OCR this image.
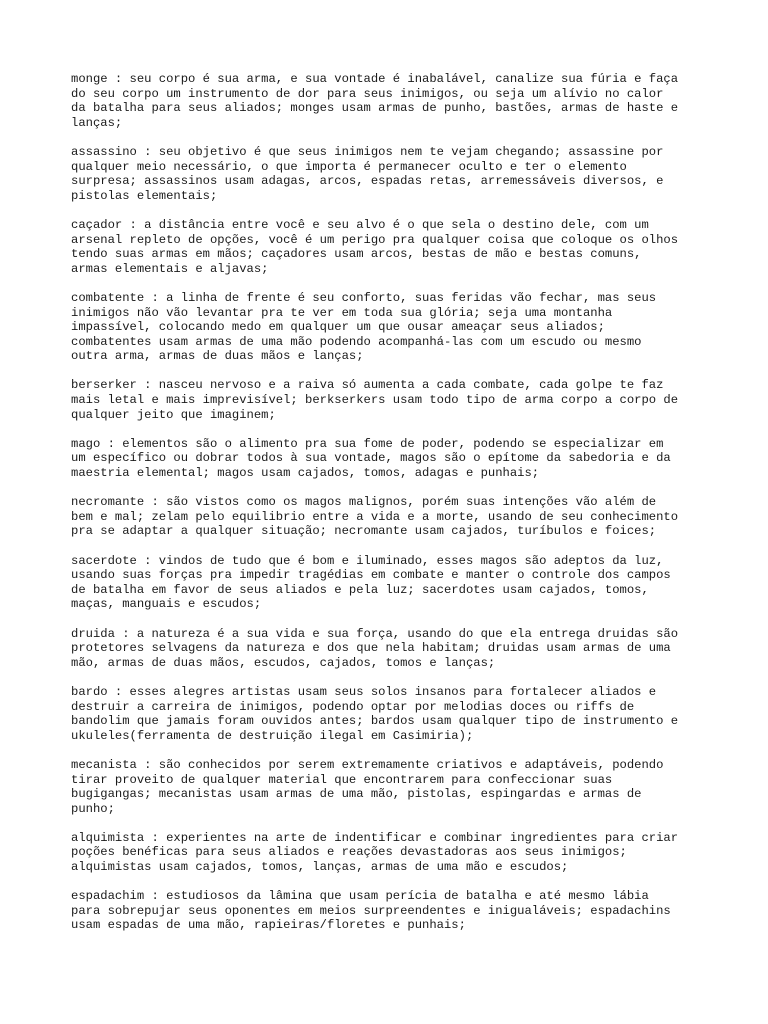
monge : seu corpo é sua arma, e sua vontade é inabalável, canalize sua fúria e faça
do seu corpo um instrumento de dor para seus inimigos, ou seja um alívio no calor
da batalha para seus aliados; monges usam armas de punho, bastões, armas de haste e
lanças;

assassino : seu objetivo é que seus inimigos nem te vejam chegando; assassine por
qualquer meio necessário, o que importa é permanecer oculto e ter o elemento
surpresa; assassinos usam adagas, arcos, espadas retas, arremessáveis diversos, e
pistolas elementais;

caçador : a distância entre você e seu alvo é o que sela o destino dele, com um
arsenal repleto de opções, você é um perigo pra qualquer coisa que coloque os olhos
tendo suas armas em mãos; caçadores usam arcos, bestas de mão e bestas comuns,
armas elementais e aljavas;

combatente : a linha de frente é seu conforto, suas feridas vão fechar, mas seus
inimigos não vão levantar pra te ver em toda sua glória; seja uma montanha
impassível, colocando medo em qualquer um que ousar ameaçar seus aliados;
combatentes usam armas de uma mão podendo acompanhá-las com um escudo ou mesmo
outra arma, armas de duas mãos e lanças;

berserker : nasceu nervoso e a raiva só aumenta a cada combate, cada golpe te faz
mais letal e mais imprevisível; berkserkers usam todo tipo de arma corpo a corpo de
qualquer jeito que imaginem;

mago : elementos são o alimento pra sua fome de poder, podendo se especializar em
um específico ou dobrar todos à sua vontade, magos são o epítome da sabedoria e da
maestria elemental; magos usam cajados, tomos, adagas e punhais;

necromante : são vistos como os magos malignos, porém suas intenções vão além de
bem e mal; zelam pelo equilibrio entre a vida e a morte, usando de seu conhecimento
pra se adaptar a qualquer situação; necromante usam cajados, turíbulos e foices;

sacerdote : vindos de tudo que é bom e iluminado, esses magos são adeptos da luz,
usando suas forças pra impedir tragédias em combate e manter o controle dos campos
de batalha em favor de seus aliados e pela luz; sacerdotes usam cajados, tomos,
maças, manguais e escudos;

druida : a natureza é a sua vida e sua força, usando do que ela entrega druidas são
protetores selvagens da natureza e dos que nela habitam; druidas usam armas de uma
mão, armas de duas mãos, escudos, cajados, tomos e lanças;

bardo : esses alegres artistas usam seus solos insanos para fortalecer aliados e
destruir a carreira de inimigos, podendo optar por melodias doces ou riffs de
bandolim que jamais foram ouvidos antes; bardos usam qualquer tipo de instrumento e
ukuleles(ferramenta de destruição ilegal em Casimiria);

mecanista : são conhecidos por serem extremamente criativos e adaptáveis, podendo
tirar proveito de qualquer material que encontrarem para confeccionar suas
bugigangas; mecanistas usam armas de uma mão, pistolas, espingardas e armas de
punho;

alquimista : experientes na arte de indentificar e combinar ingredientes para criar
poções benéficas para seus aliados e reações devastadoras aos seus inimigos;
alquimistas usam cajados, tomos, lanças, armas de uma mão e escudos;

espadachim : estudiosos da lâmina que usam perícia de batalha e até mesmo lábia
para sobrepujar seus oponentes em meios surpreendentes e inigualáveis; espadachins
usam espadas de uma mão, rapieiras/floretes e punhais;
